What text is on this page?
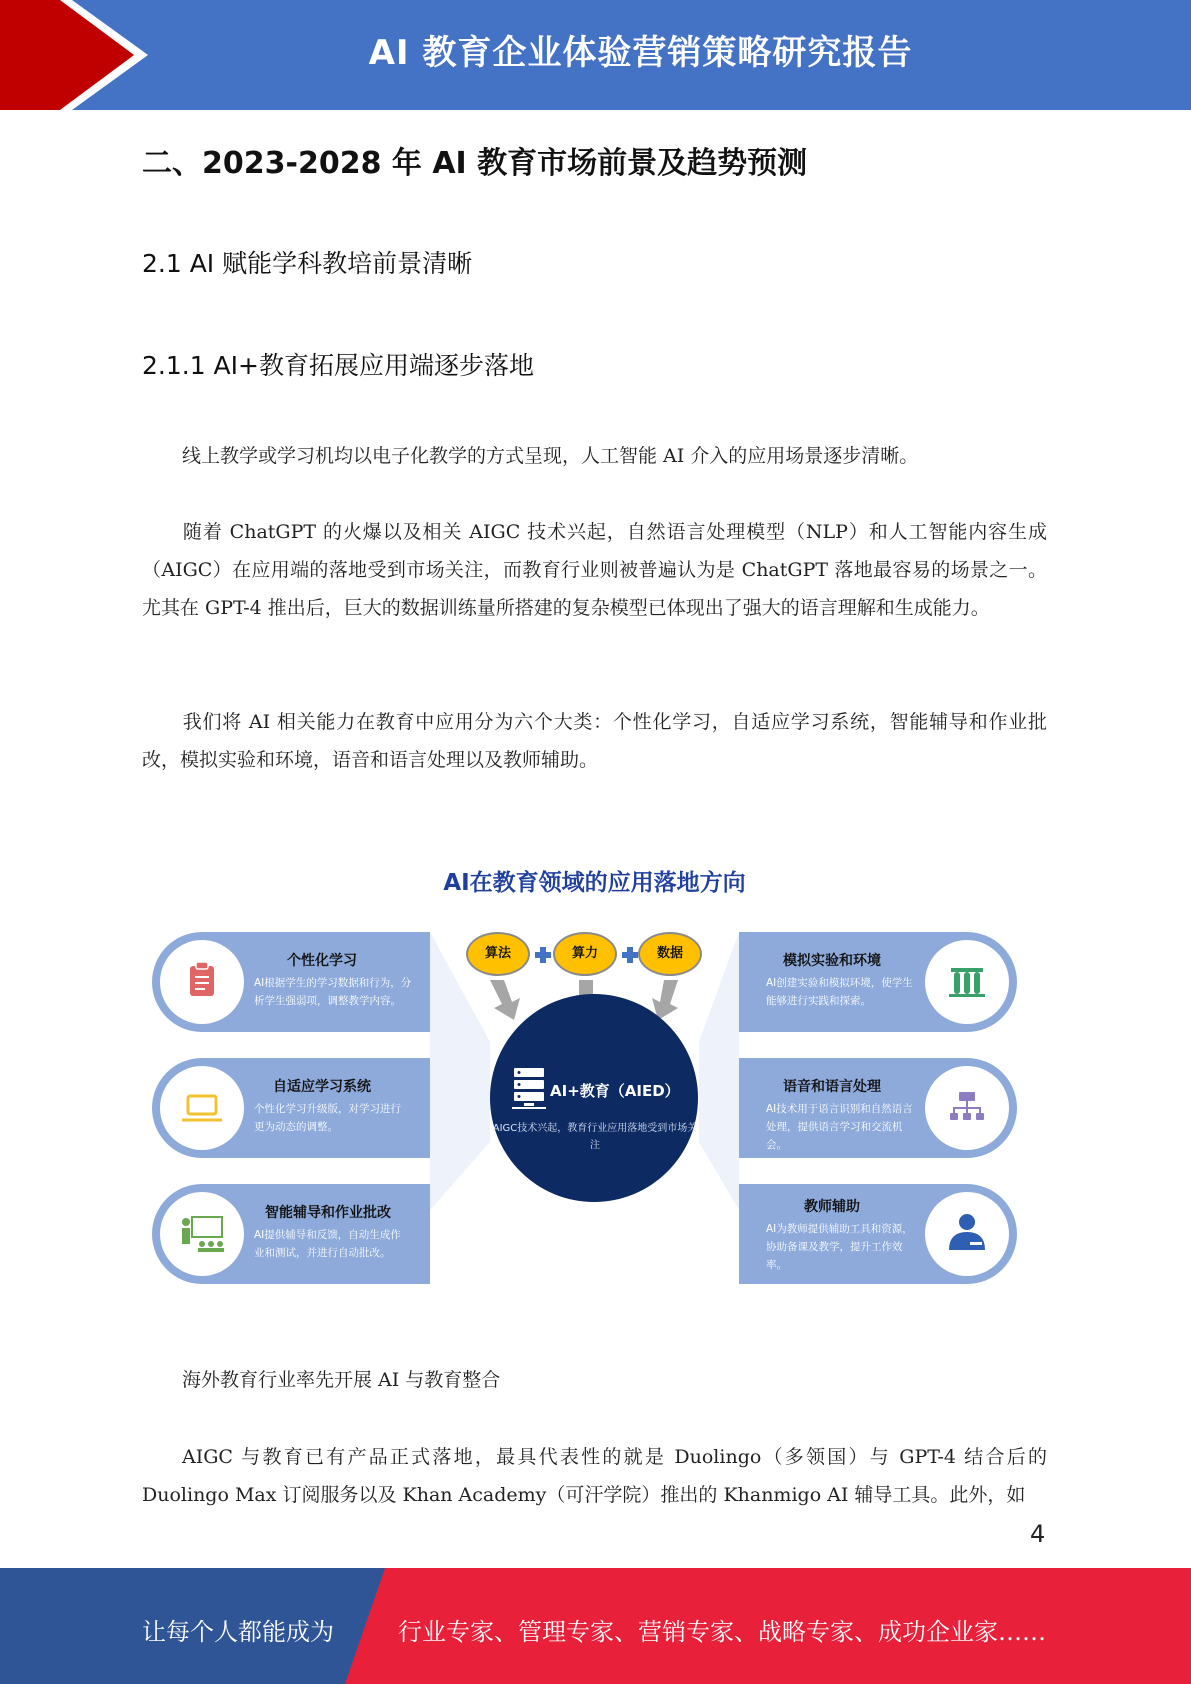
AI 教育企业体验营销策略研究报告
二、2023-2028 年 AI 教育市场前景及趋势预测
2.1 AI 赋能学科教培前景清晰
2.1.1 AI+教育拓展应用端逐步落地
线上教学或学习机均以电子化教学的方式呈现，人工智能 AI 介入的应用场景逐步清晰。
随着 ChatGPT 的火爆以及相关 AIGC 技术兴起，自然语言处理模型（NLP）和人工智能内容生成（AIGC）在应用端的落地受到市场关注，而教育行业则被普遍认为是 ChatGPT 落地最容易的场景之一。尤其在 GPT-4 推出后，巨大的数据训练量所搭建的复杂模型已体现出了强大的语言理解和生成能力。
我们将 AI 相关能力在教育中应用分为六个大类：个性化学习，自适应学习系统，智能辅导和作业批改，模拟实验和环境，语音和语言处理以及教师辅助。
AI在教育领域的应用落地方向
算法	算力	数据
AI+教育（AIED）
AIGC技术兴起，教育行业应用落地受到市场关注
个性化学习
AI根据学生的学习数据和行为，分析学生强弱项，调整教学内容。
自适应学习系统
个性化学习升级版，对学习进行更为动态的调整。
智能辅导和作业批改
AI提供辅导和反馈，自动生成作业和测试，并进行自动批改。
模拟实验和环境
AI创建实验和模拟环境，使学生能够进行实践和探索。
语音和语言处理
AI技术用于语言识别和自然语言处理，提供语言学习和交流机会。
教师辅助
AI为教师提供辅助工具和资源，协助备课及教学，提升工作效率。
海外教育行业率先开展 AI 与教育整合
AIGC 与教育已有产品正式落地，最具代表性的就是 Duolingo（多领国）与 GPT-4 结合后的 Duolingo Max 订阅服务以及 Khan Academy（可汗学院）推出的 Khanmigo AI 辅导工具。此外，如
4
让每个人都能成为	行业专家、管理专家、营销专家、战略专家、成功企业家……
